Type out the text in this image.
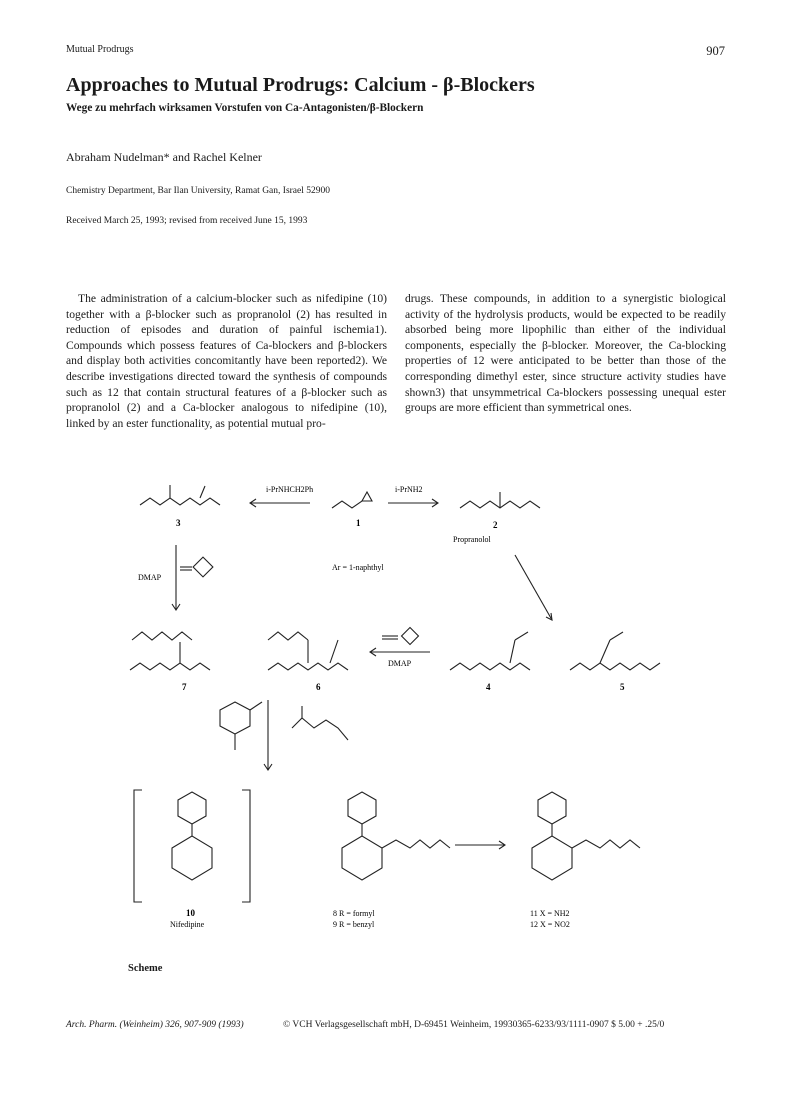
Mutual Prodrugs	907
Approaches to Mutual Prodrugs: Calcium - β-Blockers
Wege zu mehrfach wirksamen Vorstufen von Ca-Antagonisten/β-Blockern
Abraham Nudelman* and Rachel Kelner
Chemistry Department, Bar Ilan University, Ramat Gan, Israel 52900
Received March 25, 1993; revised from received June 15, 1993

The administration of a calcium-blocker such as nifedipine (10) together with a β-blocker such as propranolol (2) has resulted in reduction of episodes and duration of painful ischemia1). Compounds which possess features of Ca-blockers and β-blockers and display both activities concomitantly have been reported2). We describe investigations directed toward the synthesis of compounds such as 12 that contain structural features of a β-blocker such as propranolol (2) and a Ca-blocker analogous to nifedipine (10), linked by an ester functionality, as potential mutual pro-

drugs. These compounds, in addition to a synergistic biological activity of the hydrolysis products, would be expected to be readily absorbed being more lipophilic than either of the individual components, especially the β-blocker. Moreover, the Ca-blocking properties of 12 were anticipated to be better than those of the corresponding dimethyl ester, since structure activity studies have shown3) that unsymmetrical Ca-blockers possessing unequal ester groups are more efficient than symmetrical ones.

i-PrNHCH2Ph	i-PrNH2
Propranolol
Ar = 1-naphthyl
DMAP
DMAP
3	1	2
7	6	4	5
10
Nifedipine
8 R = formyl
9 R = benzyl
11 X = NH2
12 X = NO2
Scheme
Arch. Pharm. (Weinheim) 326, 907-909 (1993)	© VCH Verlagsgesellschaft mbH, D-69451 Weinheim, 19930365-6233/93/1111-0907 $ 5.00 + .25/0
